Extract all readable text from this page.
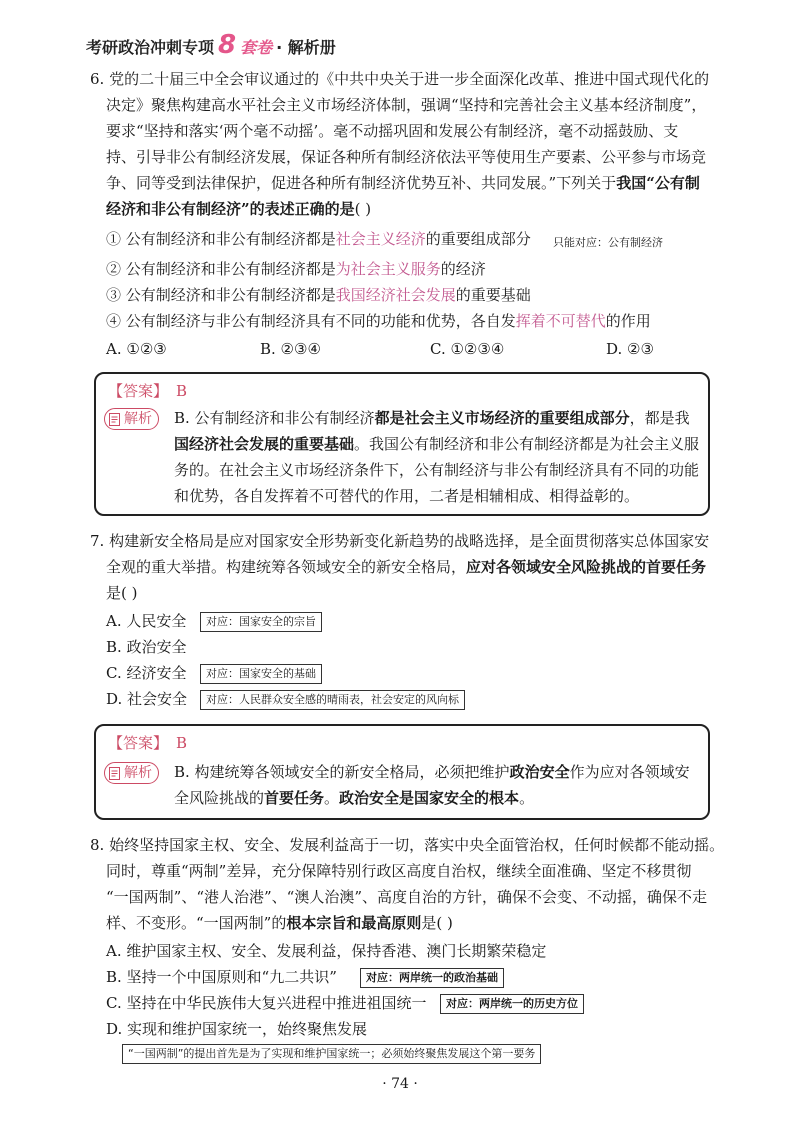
考研政治冲刺专项 8 套卷 · 解析册
6. 党的二十届三中全会审议通过的《中共中央关于进一步全面深化改革、推进中国式现代化的
决定》聚焦构建高水平社会主义市场经济体制，强调“坚持和完善社会主义基本经济制度”，
要求“坚持和落实‘两个毫不动摇’。毫不动摇巩固和发展公有制经济，毫不动摇鼓励、支
持、引导非公有制经济发展，保证各种所有制经济依法平等使用生产要素、公平参与市场竞
争、同等受到法律保护，促进各种所有制经济优势互补、共同发展。”下列关于我国“公有制
经济和非公有制经济”的表述正确的是( )
① 公有制经济和非公有制经济都是社会主义经济的重要组成部分	只能对应：公有制经济
② 公有制经济和非公有制经济都是为社会主义服务的经济
③ 公有制经济和非公有制经济都是我国经济社会发展的重要基础
④ 公有制经济与非公有制经济具有不同的功能和优势，各自发挥着不可替代的作用
A. ①②③	B. ②③④	C. ①②③④	D. ②③
【答案】 B
解析 B. 公有制经济和非公有制经济都是社会主义市场经济的重要组成部分，都是我
国经济社会发展的重要基础。我国公有制经济和非公有制经济都是为社会主义服
务的。在社会主义市场经济条件下，公有制经济与非公有制经济具有不同的功能
和优势，各自发挥着不可替代的作用，二者是相辅相成、相得益彰的。
7. 构建新安全格局是应对国家安全形势新变化新趋势的战略选择，是全面贯彻落实总体国家安
全观的重大举措。构建统筹各领域安全的新安全格局，应对各领域安全风险挑战的首要任务
是( )
A. 人民安全	对应：国家安全的宗旨
B. 政治安全
C. 经济安全	对应：国家安全的基础
D. 社会安全	对应：人民群众安全感的晴雨表，社会安定的风向标
【答案】 B
解析 B. 构建统筹各领域安全的新安全格局，必须把维护政治安全作为应对各领域安
全风险挑战的首要任务。政治安全是国家安全的根本。
8. 始终坚持国家主权、安全、发展利益高于一切，落实中央全面管治权，任何时候都不能动摇。
同时，尊重“两制”差异，充分保障特别行政区高度自治权，继续全面准确、坚定不移贯彻
“一国两制”、“港人治港”、“澳人治澳”、高度自治的方针，确保不会变、不动摇，确保不走
样、不变形。“一国两制”的根本宗旨和最高原则是( )
A. 维护国家主权、安全、发展利益，保持香港、澳门长期繁荣稳定
B. 坚持一个中国原则和“九二共识”	对应：两岸统一的政治基础
C. 坚持在中华民族伟大复兴进程中推进祖国统一	对应：两岸统一的历史方位
D. 实现和维护国家统一，始终聚焦发展
“一国两制”的提出首先是为了实现和维护国家统一；必须始终聚焦发展这个第一要务
· 74 ·
